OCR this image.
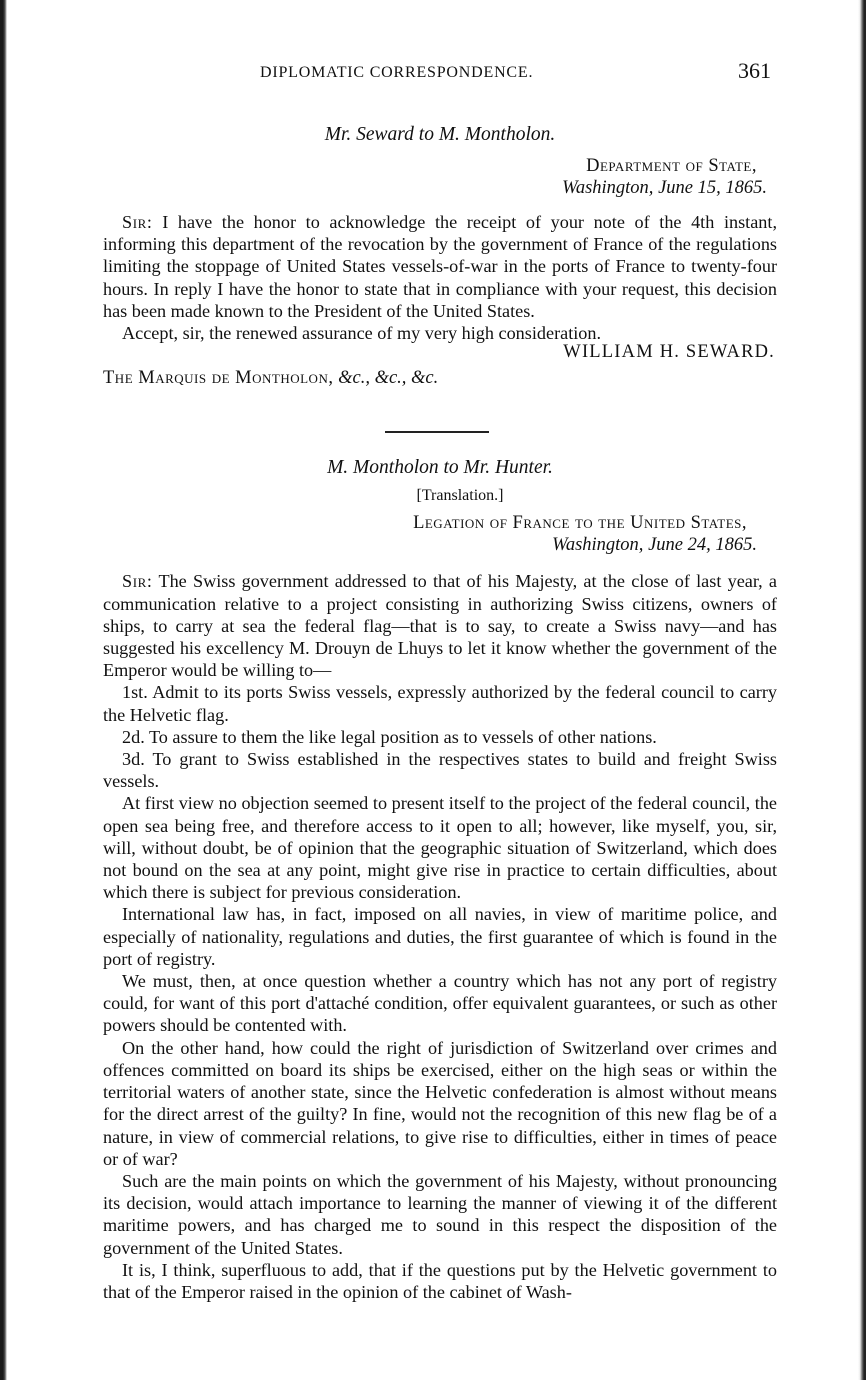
DIPLOMATIC CORRESPONDENCE.	361
Mr. Seward to M. Montholon.
Department of State,
Washington, June 15, 1865.

Sir: I have the honor to acknowledge the receipt of your note of the 4th instant, informing this department of the revocation by the government of France of the regulations limiting the stoppage of United States vessels-of-war in the ports of France to twenty-four hours. In reply I have the honor to state that in compliance with your request, this decision has been made known to the President of the United States.

Accept, sir, the renewed assurance of my very high consideration.

WILLIAM H. SEWARD.

The Marquis de Montholon, &c., &c., &c.

M. Montholon to Mr. Hunter.
[Translation.]
Legation of France to the United States,
Washington, June 24, 1865.

Sir: The Swiss government addressed to that of his Majesty, at the close of last year, a communication relative to a project consisting in authorizing Swiss citizens, owners of ships, to carry at sea the federal flag—that is to say, to create a Swiss navy—and has suggested his excellency M. Drouyn de Lhuys to let it know whether the government of the Emperor would be willing to—

1st. Admit to its ports Swiss vessels, expressly authorized by the federal council to carry the Helvetic flag.

2d. To assure to them the like legal position as to vessels of other nations.

3d. To grant to Swiss established in the respectives states to build and freight Swiss vessels.

At first view no objection seemed to present itself to the project of the federal council, the open sea being free, and therefore access to it open to all; however, like myself, you, sir, will, without doubt, be of opinion that the geographic situation of Switzerland, which does not bound on the sea at any point, might give rise in practice to certain difficulties, about which there is subject for previous consideration.

International law has, in fact, imposed on all navies, in view of maritime police, and especially of nationality, regulations and duties, the first guarantee of which is found in the port of registry.

We must, then, at once question whether a country which has not any port of registry could, for want of this port d'attaché condition, offer equivalent guarantees, or such as other powers should be contented with.

On the other hand, how could the right of jurisdiction of Switzerland over crimes and offences committed on board its ships be exercised, either on the high seas or within the territorial waters of another state, since the Helvetic confederation is almost without means for the direct arrest of the guilty? In fine, would not the recognition of this new flag be of a nature, in view of commercial relations, to give rise to difficulties, either in times of peace or of war?

Such are the main points on which the government of his Majesty, without pronouncing its decision, would attach importance to learning the manner of viewing it of the different maritime powers, and has charged me to sound in this respect the disposition of the government of the United States.

It is, I think, superfluous to add, that if the questions put by the Helvetic government to that of the Emperor raised in the opinion of the cabinet of Wash-
